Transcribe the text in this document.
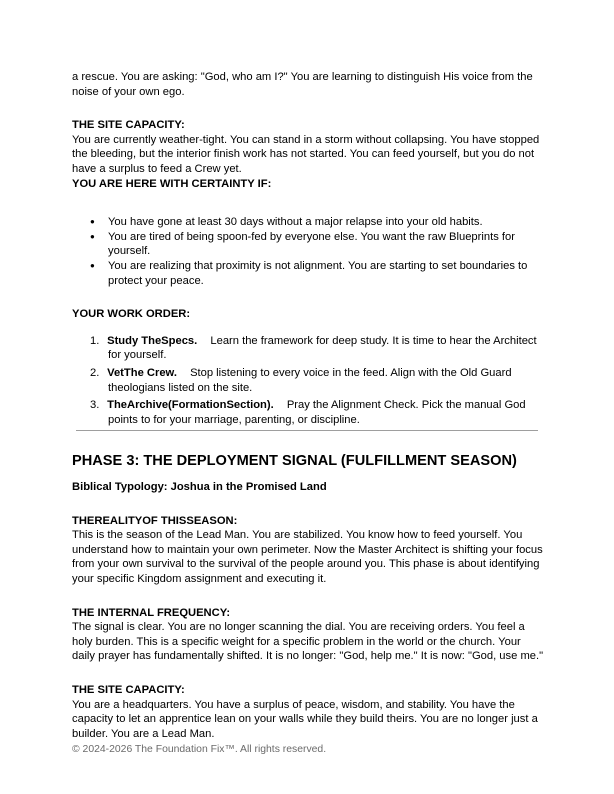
a rescue. You are asking: "God, who am I?" You are learning to distinguish His voice from the noise of your own ego.

THE SITE CAPACITY:

You are currently weather-tight. You can stand in a storm without collapsing. You have stopped the bleeding, but the interior finish work has not started. You can feed yourself, but you do not have a surplus to feed a Crew yet.

YOU ARE HERE WITH CERTAINTY IF:

● You have gone at least 30 days without a major relapse into your old habits.
● You are tired of being spoon-fed by everyone else. You want the raw Blueprints for yourself.
● You are realizing that proximity is not alignment. You are starting to set boundaries to protect your peace.

YOUR WORK ORDER:

1. Study TheSpecs. Learn the framework for deep study. It is time to hear the Architect for yourself.
2. VetThe Crew. Stop listening to every voice in the feed. Align with the Old Guard theologians listed on the site.
3. TheArchive(FormationSection). Pray the Alignment Check. Pick the manual God points to for your marriage, parenting, or discipline.

PHASE 3: THE DEPLOYMENT SIGNAL (FULFILLMENT SEASON)

Biblical Typology: Joshua in the Promised Land

THEREALITYOF THISSEASON:

This is the season of the Lead Man. You are stabilized. You know how to feed yourself. You understand how to maintain your own perimeter. Now the Master Architect is shifting your focus from your own survival to the survival of the people around you. This phase is about identifying your specific Kingdom assignment and executing it.

THE INTERNAL FREQUENCY:

The signal is clear. You are no longer scanning the dial. You are receiving orders. You feel a holy burden. This is a specific weight for a specific problem in the world or the church. Your daily prayer has fundamentally shifted. It is no longer: "God, help me." It is now: "God, use me."

THE SITE CAPACITY:

You are a headquarters. You have a surplus of peace, wisdom, and stability. You have the capacity to let an apprentice lean on your walls while they build theirs. You are no longer just a builder. You are a Lead Man.

© 2024-2026 The Foundation Fix™. All rights reserved.
